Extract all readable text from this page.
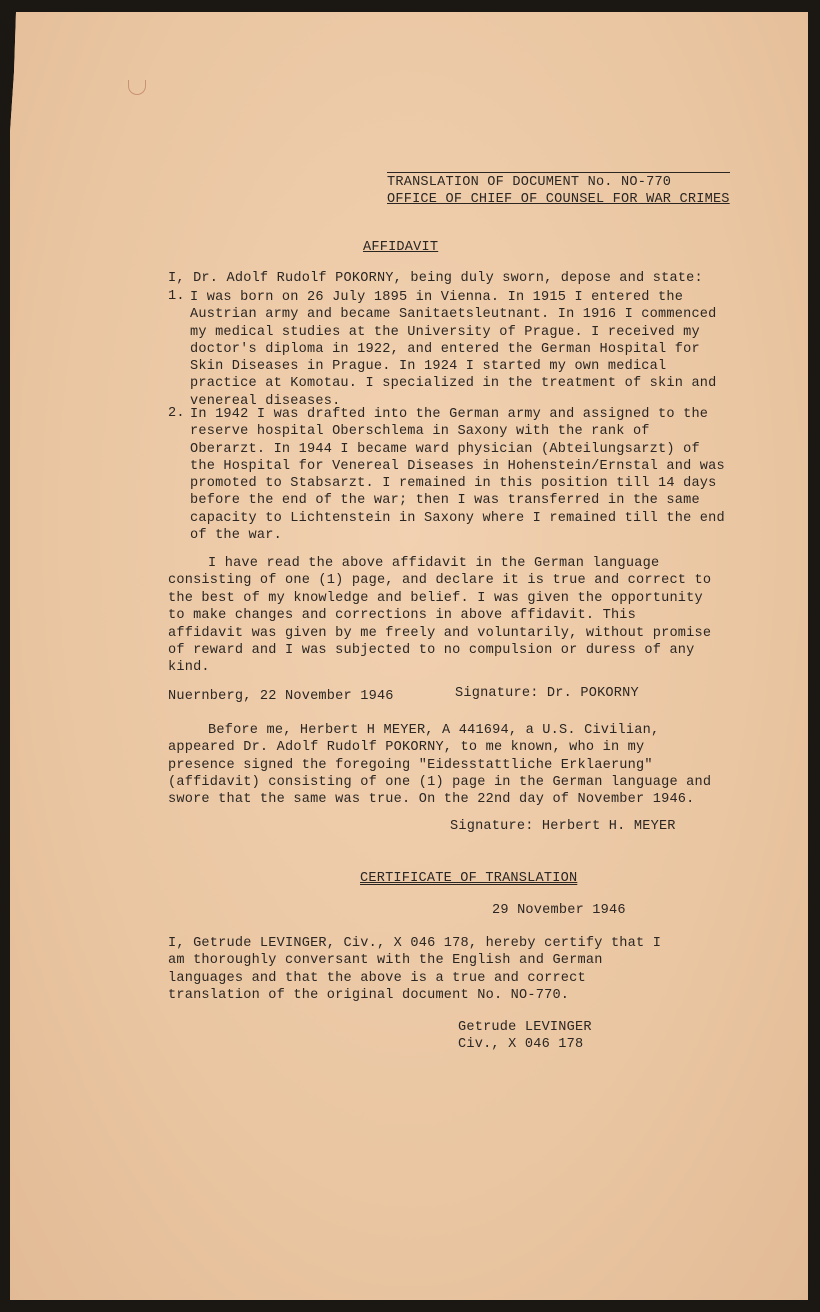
TRANSLATION OF DOCUMENT No. NO-770
OFFICE OF CHIEF OF COUNSEL FOR WAR CRIMES
AFFIDAVIT
I, Dr. Adolf Rudolf POKORNY, being duly sworn, depose and state:
1. I was born on 26 July 1895 in Vienna. In 1915 I entered the Austrian army and became Sanitaetsleutnant. In 1916 I commenced my medical studies at the University of Prague. I received my doctor's diploma in 1922, and entered the German Hospital for Skin Diseases in Prague. In 1924 I started my own medical practice at Komotau. I specialized in the treatment of skin and venereal diseases.
2. In 1942 I was drafted into the German army and assigned to the reserve hospital Oberschlema in Saxony with the rank of Oberarzt. In 1944 I became ward physician (Abteilungsarzt) of the Hospital for Venereal Diseases in Hohenstein/Ernstal and was promoted to Stabsarzt. I remained in this position till 14 days before the end of the war; then I was transferred in the same capacity to Lichtenstein in Saxony where I remained till the end of the war.
I have read the above affidavit in the German language consisting of one (1) page, and declare it is true and correct to the best of my knowledge and belief. I was given the opportunity to make changes and corrections in above affidavit. This affidavit was given by me freely and voluntarily, without promise of reward and I was subjected to no compulsion or duress of any kind.
Nuernberg, 22 November 1946	Signature: Dr. POKORNY
Before me, Herbert H MEYER, A 441694, a U.S. Civilian, appeared Dr. Adolf Rudolf POKORNY, to me known, who in my presence signed the foregoing "Eidesstattliche Erklaerung" (affidavit) consisting of one (1) page in the German language and swore that the same was true. On the 22nd day of November 1946.
Signature: Herbert H. MEYER
CERTIFICATE OF TRANSLATION
29 November 1946
I, Getrude LEVINGER, Civ., X 046 178, hereby certify that I am thoroughly conversant with the English and German languages and that the above is a true and correct translation of the original document No. NO-770.
Getrude LEVINGER
Civ., X 046 178
